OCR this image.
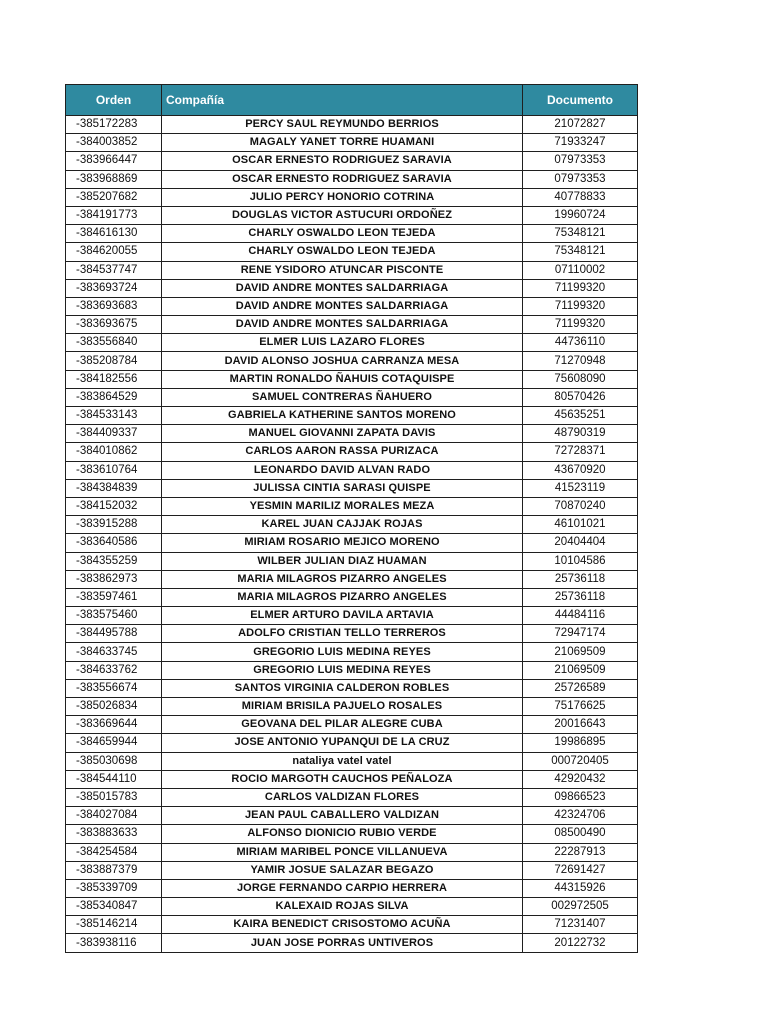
Orden	Compañía	Documento
-385172283	PERCY SAUL REYMUNDO BERRIOS	21072827
-384003852	MAGALY YANET TORRE HUAMANI	71933247
-383966447	OSCAR ERNESTO RODRIGUEZ SARAVIA	07973353
-383968869	OSCAR ERNESTO RODRIGUEZ SARAVIA	07973353
-385207682	JULIO PERCY HONORIO COTRINA	40778833
-384191773	DOUGLAS VICTOR ASTUCURI ORDOÑEZ	19960724
-384616130	CHARLY OSWALDO LEON TEJEDA	75348121
-384620055	CHARLY OSWALDO LEON TEJEDA	75348121
-384537747	RENE YSIDORO ATUNCAR PISCONTE	07110002
-383693724	DAVID ANDRE MONTES SALDARRIAGA	71199320
-383693683	DAVID ANDRE MONTES SALDARRIAGA	71199320
-383693675	DAVID ANDRE MONTES SALDARRIAGA	71199320
-383556840	ELMER LUIS LAZARO FLORES	44736110
-385208784	DAVID ALONSO JOSHUA CARRANZA MESA	71270948
-384182556	MARTIN RONALDO ÑAHUIS COTAQUISPE	75608090
-383864529	SAMUEL CONTRERAS ÑAHUERO	80570426
-384533143	GABRIELA KATHERINE SANTOS MORENO	45635251
-384409337	MANUEL GIOVANNI ZAPATA DAVIS	48790319
-384010862	CARLOS AARON RASSA PURIZACA	72728371
-383610764	LEONARDO DAVID ALVAN RADO	43670920
-384384839	JULISSA CINTIA SARASI QUISPE	41523119
-384152032	YESMIN MARILIZ MORALES MEZA	70870240
-383915288	KAREL JUAN CAJJAK ROJAS	46101021
-383640586	MIRIAM ROSARIO MEJICO MORENO	20404404
-384355259	WILBER JULIAN DIAZ HUAMAN	10104586
-383862973	MARIA MILAGROS PIZARRO ANGELES	25736118
-383597461	MARIA MILAGROS PIZARRO ANGELES	25736118
-383575460	ELMER ARTURO DAVILA ARTAVIA	44484116
-384495788	ADOLFO CRISTIAN TELLO TERREROS	72947174
-384633745	GREGORIO LUIS MEDINA REYES	21069509
-384633762	GREGORIO LUIS MEDINA REYES	21069509
-383556674	SANTOS VIRGINIA CALDERON ROBLES	25726589
-385026834	MIRIAM BRISILA PAJUELO ROSALES	75176625
-383669644	GEOVANA DEL PILAR ALEGRE CUBA	20016643
-384659944	JOSE ANTONIO YUPANQUI DE LA CRUZ	19986895
-385030698	nataliya vatel vatel	000720405
-384544110	ROCIO MARGOTH CAUCHOS PEÑALOZA	42920432
-385015783	CARLOS VALDIZAN FLORES	09866523
-384027084	JEAN PAUL CABALLERO VALDIZAN	42324706
-383883633	ALFONSO DIONICIO RUBIO VERDE	08500490
-384254584	MIRIAM MARIBEL PONCE VILLANUEVA	22287913
-383887379	YAMIR JOSUE SALAZAR BEGAZO	72691427
-385339709	JORGE FERNANDO CARPIO HERRERA	44315926
-385340847	KALEXAID ROJAS SILVA	002972505
-385146214	KAIRA BENEDICT CRISOSTOMO ACUÑA	71231407
-383938116	JUAN JOSE PORRAS UNTIVEROS	20122732
